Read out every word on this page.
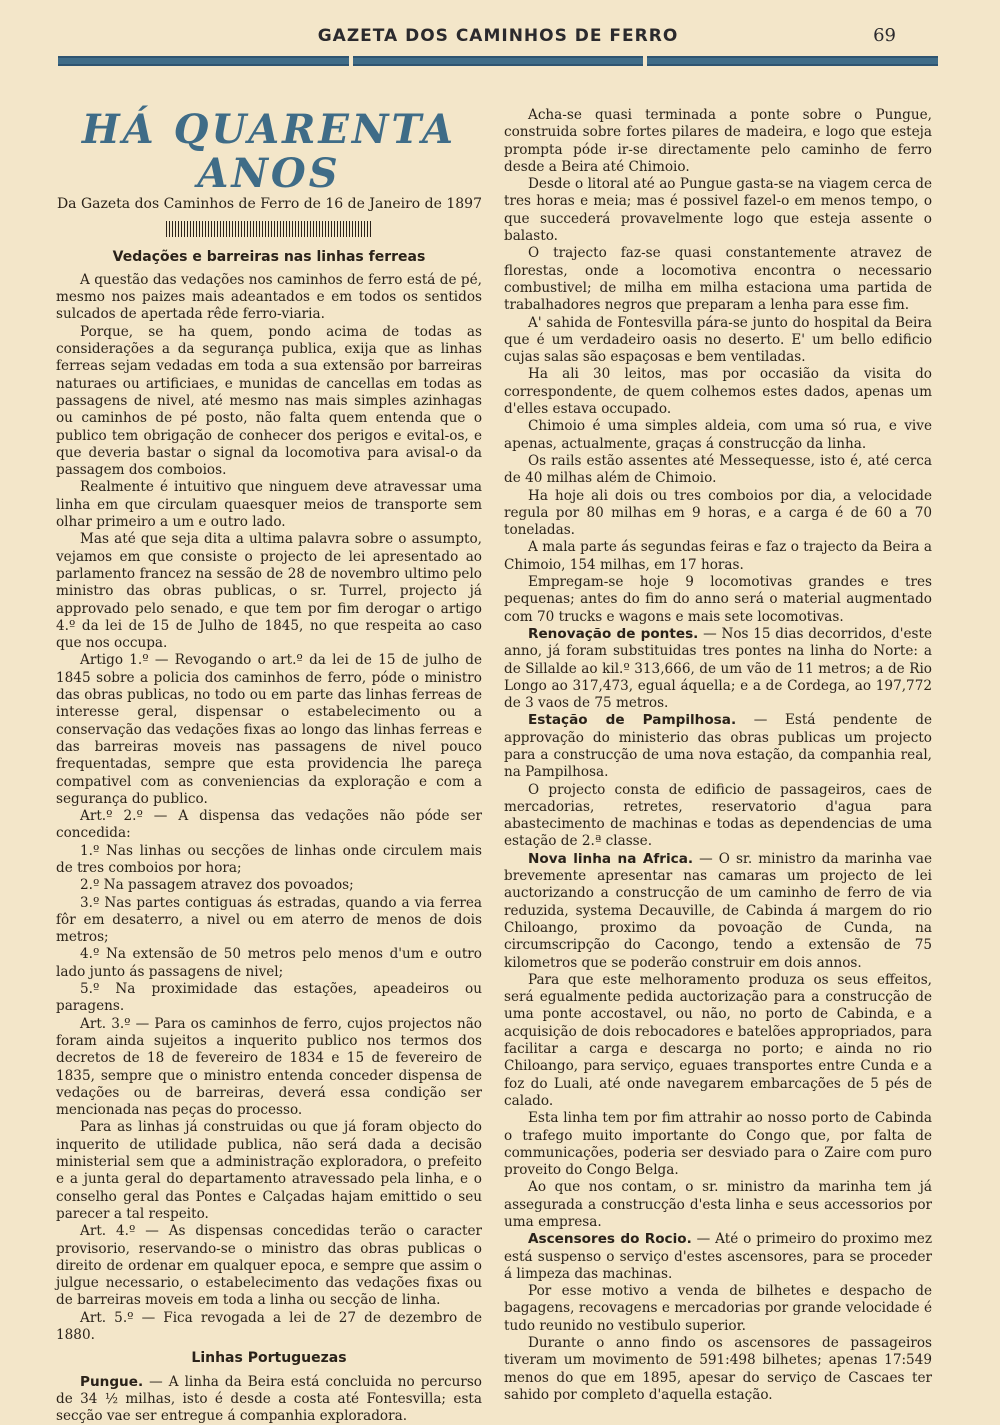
GAZETA DOS CAMINHOS DE FERRO	69
HÁ QUARENTA ANOS
Da Gazeta dos Caminhos de Ferro de 16 de Janeiro de 1897
Vedações e barreiras nas linhas ferreas

A questão das vedações nos caminhos de ferro está de pé, mesmo nos paizes mais adeantados e em todos os sentidos sulcados de apertada rêde ferro-viaria.

Porque, se ha quem, pondo acima de todas as considerações a da segurança publica, exija que as linhas ferreas sejam vedadas em toda a sua extensão por barreiras naturaes ou artificiaes, e munidas de cancellas em todas as passagens de nivel, até mesmo nas mais simples azinhagas ou caminhos de pé posto, não falta quem entenda que o publico tem obrigação de conhecer dos perigos e evital-os, e que deveria bastar o signal da locomotiva para avisal-o da passagem dos comboios.

Realmente é intuitivo que ninguem deve atravessar uma linha em que circulam quaesquer meios de transporte sem olhar primeiro a um e outro lado.

Mas até que seja dita a ultima palavra sobre o assumpto, vejamos em que consiste o projecto de lei apresentado ao parlamento francez na sessão de 28 de novembro ultimo pelo ministro das obras publicas, o sr. Turrel, projecto já approvado pelo senado, e que tem por fim derogar o artigo 4.º da lei de 15 de Julho de 1845, no que respeita ao caso que nos occupa.

Artigo 1.º — Revogando o art.º da lei de 15 de julho de 1845 sobre a policia dos caminhos de ferro, póde o ministro das obras publicas, no todo ou em parte das linhas ferreas de interesse geral, dispensar o estabelecimento ou a conservação das vedações fixas ao longo das linhas ferreas e das barreiras moveis nas passagens de nivel pouco frequentadas, sempre que esta providencia lhe pareça compativel com as conveniencias da exploração e com a segurança do publico.

Art.º 2.º — A dispensa das vedações não póde ser concedida:

1.º Nas linhas ou secções de linhas onde circulem mais de tres comboios por hora;

2.º Na passagem atravez dos povoados;

3.º Nas partes contiguas ás estradas, quando a via ferrea fôr em desaterro, a nivel ou em aterro de menos de dois metros;

4.º Na extensão de 50 metros pelo menos d'um e outro lado junto ás passagens de nivel;

5.º Na proximidade das estações, apeadeiros ou paragens.

Art. 3.º — Para os caminhos de ferro, cujos projectos não foram ainda sujeitos a inquerito publico nos termos dos decretos de 18 de fevereiro de 1834 e 15 de fevereiro de 1835, sempre que o ministro entenda conceder dispensa de vedações ou de barreiras, deverá essa condição ser mencionada nas peças do processo.

Para as linhas já construidas ou que já foram objecto do inquerito de utilidade publica, não será dada a decisão ministerial sem que a administração exploradora, o prefeito e a junta geral do departamento atravessado pela linha, e o conselho geral das Pontes e Calçadas hajam emittido o seu parecer a tal respeito.

Art. 4.º — As dispensas concedidas terão o caracter provisorio, reservando-se o ministro das obras publicas o direito de ordenar em qualquer epoca, e sempre que assim o julgue necessario, o estabelecimento das vedações fixas ou de barreiras moveis em toda a linha ou secção de linha.

Art. 5.º — Fica revogada a lei de 27 de dezembro de 1880.

Linhas Portuguezas

Pungue. — A linha da Beira está concluida no percurso de 34 ½ milhas, isto é desde a costa até Fontesvilla; esta secção vae ser entregue á companhia exploradora.

Acha-se quasi terminada a ponte sobre o Pungue, construida sobre fortes pilares de madeira, e logo que esteja prompta póde ir-se directamente pelo caminho de ferro desde a Beira até Chimoio.

Desde o litoral até ao Pungue gasta-se na viagem cerca de tres horas e meia; mas é possivel fazel-o em menos tempo, o que succederá provavelmente logo que esteja assente o balasto.

O trajecto faz-se quasi constantemente atravez de florestas, onde a locomotiva encontra o necessario combustivel; de milha em milha estaciona uma partida de trabalhadores negros que preparam a lenha para esse fim.

A' sahida de Fontesvilla pára-se junto do hospital da Beira que é um verdadeiro oasis no deserto. E' um bello edificio cujas salas são espaçosas e bem ventiladas.

Ha ali 30 leitos, mas por occasião da visita do correspondente, de quem colhemos estes dados, apenas um d'elles estava occupado.

Chimoio é uma simples aldeia, com uma só rua, e vive apenas, actualmente, graças á construcção da linha.

Os rails estão assentes até Messequesse, isto é, até cerca de 40 milhas além de Chimoio.

Ha hoje ali dois ou tres comboios por dia, a velocidade regula por 80 milhas em 9 horas, e a carga é de 60 a 70 toneladas.

A mala parte ás segundas feiras e faz o trajecto da Beira a Chimoio, 154 milhas, em 17 horas.

Empregam-se hoje 9 locomotivas grandes e tres pequenas; antes do fim do anno será o material augmentado com 70 trucks e wagons e mais sete locomotivas.

Renovação de pontes. — Nos 15 dias decorridos, d'este anno, já foram substituidas tres pontes na linha do Norte: a de Sillalde ao kil.º 313,666, de um vão de 11 metros; a de Rio Longo ao 317,473, egual áquella; e a de Cordega, ao 197,772 de 3 vaos de 75 metros.

Estação de Pampilhosa. — Está pendente de approvação do ministerio das obras publicas um projecto para a construcção de uma nova estação, da companhia real, na Pampilhosa.

O projecto consta de edificio de passageiros, caes de mercadorias, retretes, reservatorio d'agua para abastecimento de machinas e todas as dependencias de uma estação de 2.ª classe.

Nova linha na Africa. — O sr. ministro da marinha vae brevemente apresentar nas camaras um projecto de lei auctorizando a construcção de um caminho de ferro de via reduzida, systema Decauville, de Cabinda á margem do rio Chiloango, proximo da povoação de Cunda, na circumscripção do Cacongo, tendo a extensão de 75 kilometros que se poderão construir em dois annos.

Para que este melhoramento produza os seus effeitos, será egualmente pedida auctorização para a construcção de uma ponte accostavel, ou não, no porto de Cabinda, e a acquisição de dois rebocadores e batelões appropriados, para facilitar a carga e descarga no porto; e ainda no rio Chiloango, para serviço, eguaes transportes entre Cunda e a foz do Luali, até onde navegarem embarcações de 5 pés de calado.

Esta linha tem por fim attrahir ao nosso porto de Cabinda o trafego muito importante do Congo que, por falta de communicações, poderia ser desviado para o Zaire com puro proveito do Congo Belga.

Ao que nos contam, o sr. ministro da marinha tem já assegurada a construcção d'esta linha e seus accessorios por uma empresa.

Ascensores do Rocio. — Até o primeiro do proximo mez está suspenso o serviço d'estes ascensores, para se proceder á limpeza das machinas.

Por esse motivo a venda de bilhetes e despacho de bagagens, recovagens e mercadorias por grande velocidade é tudo reunido no vestibulo superior.

Durante o anno findo os ascensores de passageiros tiveram um movimento de 591:498 bilhetes; apenas 17:549 menos do que em 1895, apesar do serviço de Cascaes ter sahido por completo d'aquella estação.
